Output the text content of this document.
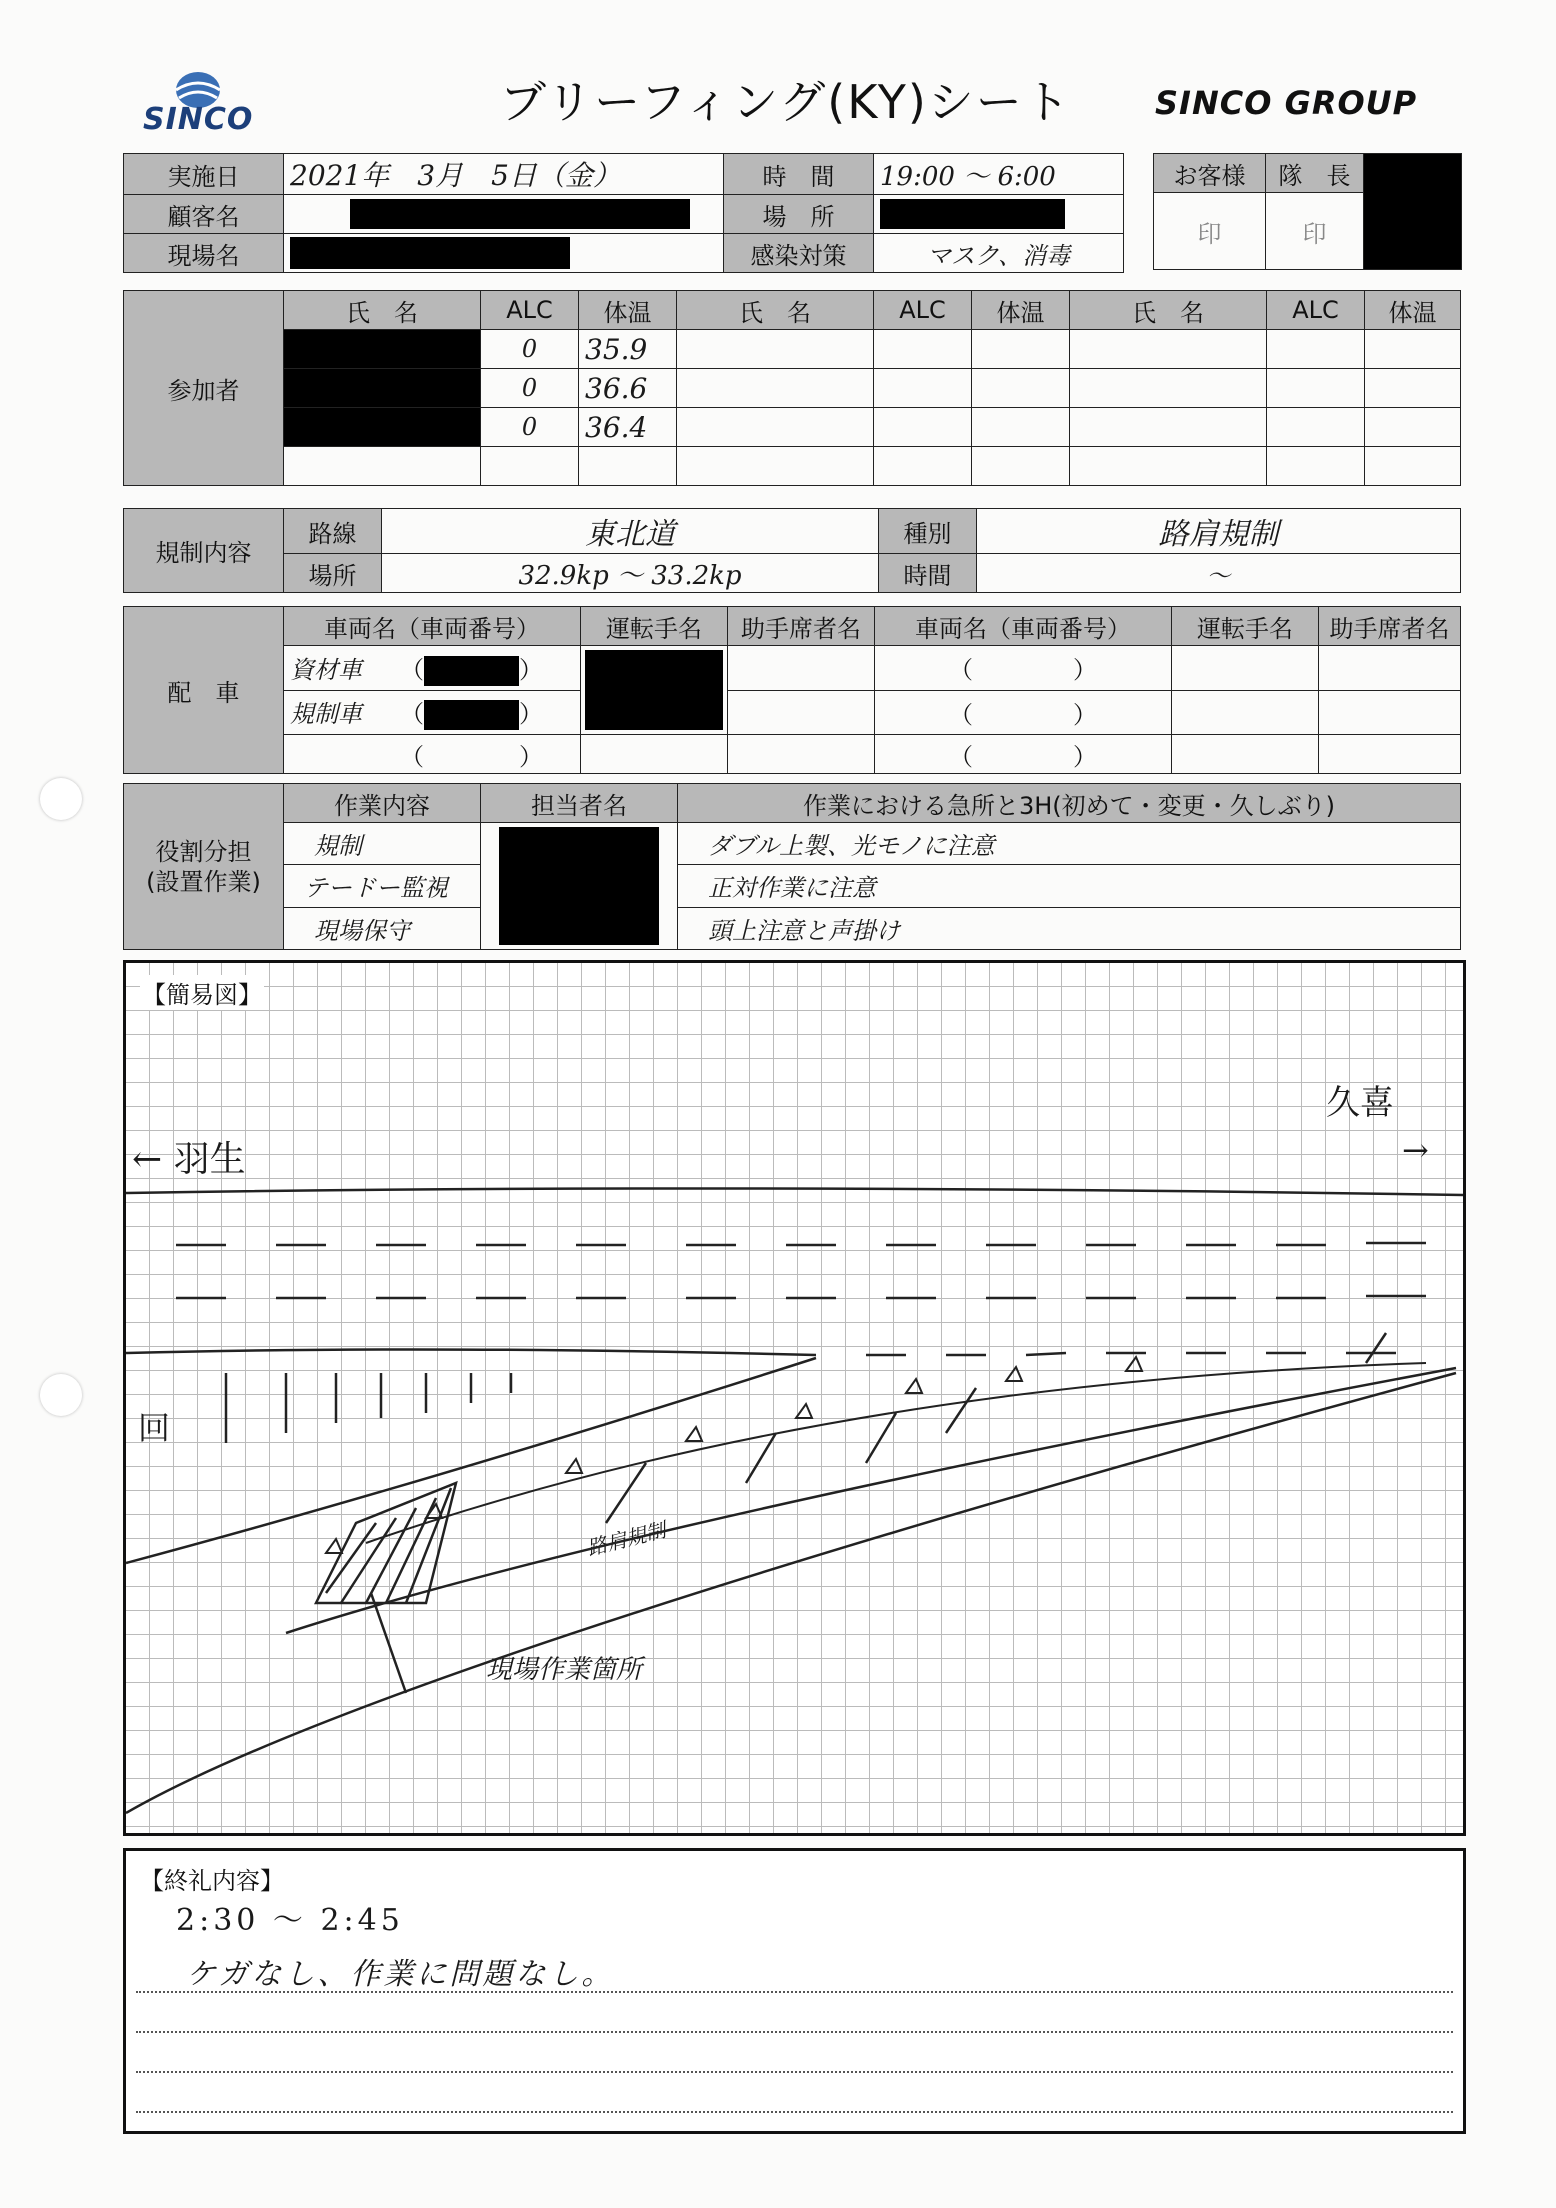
SINCO	ブリーフィング(KY)シート	SINCO GROUP
実施日	2021年　3月　5日（金）	時　間	19:00 ～ 6:00
顧客名		場　所	

現場名		感染対策	マスク、消毒
お客様	隊　長	
印	印	
参加者	氏　名	ALC	体温	氏　名	ALC	体温	氏　名	ALC	体温
		0	35.9						
		0	36.6						
		0	36.4						

規制内容	路線	東北道	種別	路肩規制
	場所	32.9kp ～ 33.2kp	時間	～
配　車	車両名（車両番号）	運転手名	助手席者名	車両名（車両番号）	運転手名	助手席者名
	資材車 （ ）			（ ）		
	規制車 （ ）			（ ）		
	（ ）			（ ）		
役割分担
(設置作業)	作業内容	担当者名	作業における急所と3H(初めて・変更・久しぶり)
	規制		ダブル上製、光モノに注意
	テードー監視		正対作業に注意
	現場保守		頭上注意と声掛け
【簡易図】
← 羽生
久喜
→
回
路肩規制
現場作業箇所
【終礼内容】
2:30 ～ 2:45
ケガなし、作業に問題なし。
